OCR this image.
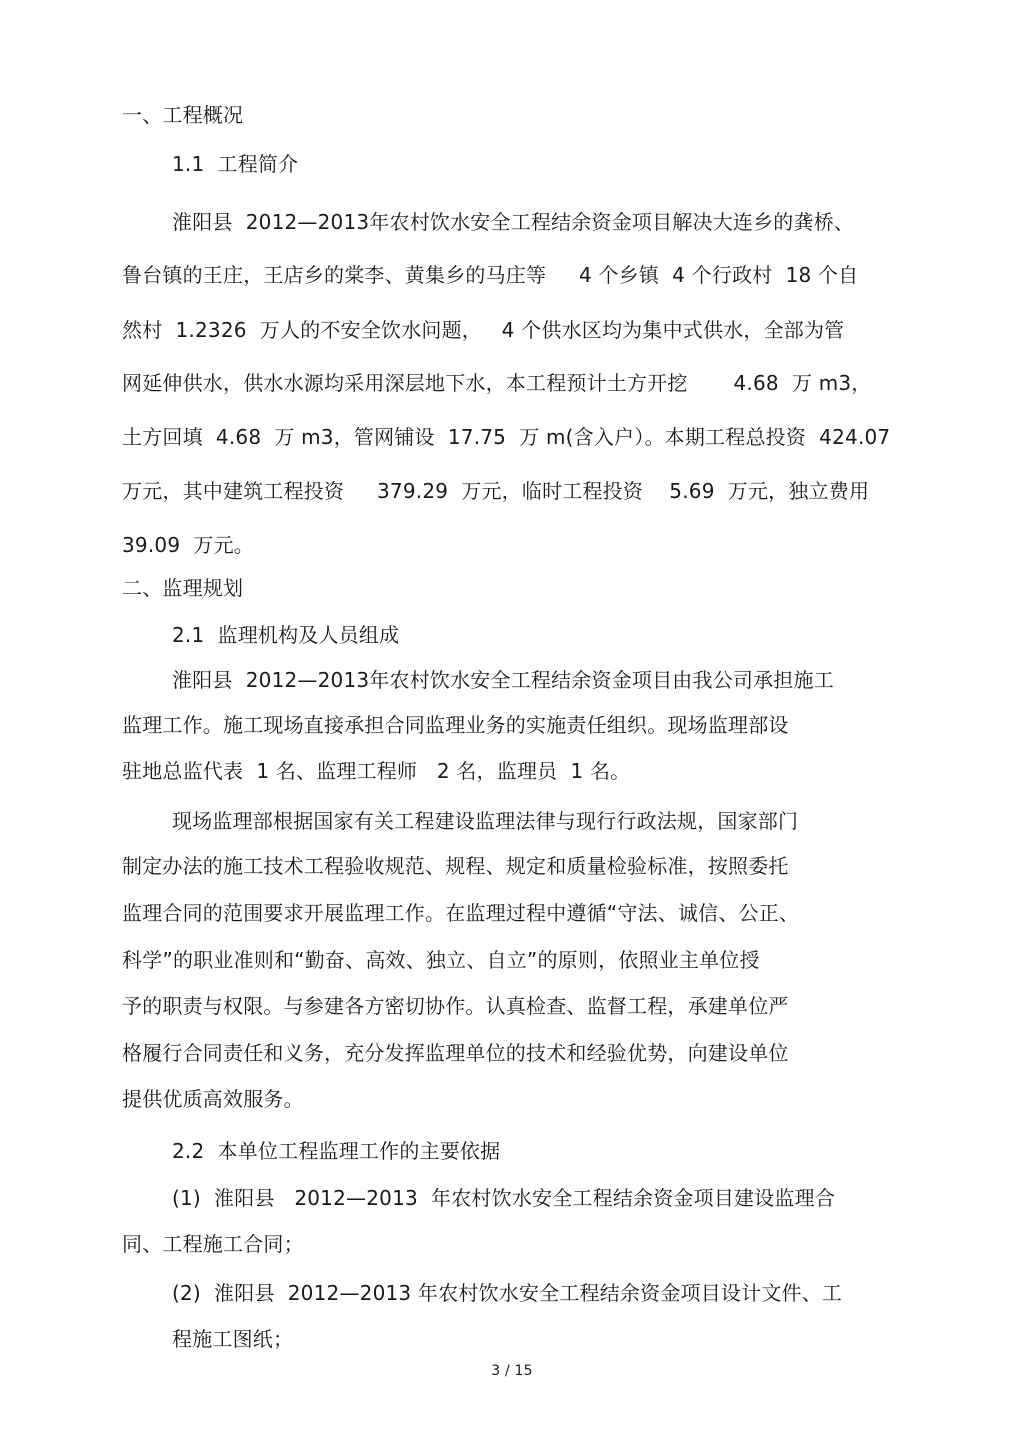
一、工程概况

1.1  工程简介

淮阳县  2012—2013年农村饮水安全工程结余资金项目解决大连乡的龚桥、

鲁台镇的王庄，王店乡的棠李、黄集乡的马庄等     4 个乡镇  4 个行政村  18 个自

然村  1.2326  万人的不安全饮水问题，   4 个供水区均为集中式供水，全部为管

网延伸供水，供水水源均采用深层地下水，本工程预计土方开挖       4.68  万 m3，

土方回填  4.68  万 m3，管网铺设  17.75  万 m(含入户）。本期工程总投资  424.07

万元，其中建筑工程投资     379.29  万元，临时工程投资    5.69  万元，独立费用

39.09  万元。

二、监理规划

2.1  监理机构及人员组成

淮阳县  2012—2013年农村饮水安全工程结余资金项目由我公司承担施工

监理工作。施工现场直接承担合同监理业务的实施责任组织。现场监理部设

驻地总监代表  1 名、监理工程师   2 名，监理员  1 名。

现场监理部根据国家有关工程建设监理法律与现行行政法规，国家部门

制定办法的施工技术工程验收规范、规程、规定和质量检验标准，按照委托

监理合同的范围要求开展监理工作。在监理过程中遵循“守法、诚信、公正、

科学”的职业准则和“勤奋、高效、独立、自立”的原则，依照业主单位授

予的职责与权限。与参建各方密切协作。认真检查、监督工程，承建单位严

格履行合同责任和义务，充分发挥监理单位的技术和经验优势，向建设单位

提供优质高效服务。

2.2  本单位工程监理工作的主要依据

(1)  淮阳县   2012—2013  年农村饮水安全工程结余资金项目建设监理合

同、工程施工合同；

(2)  淮阳县  2012—2013 年农村饮水安全工程结余资金项目设计文件、工

程施工图纸；

3 / 15
